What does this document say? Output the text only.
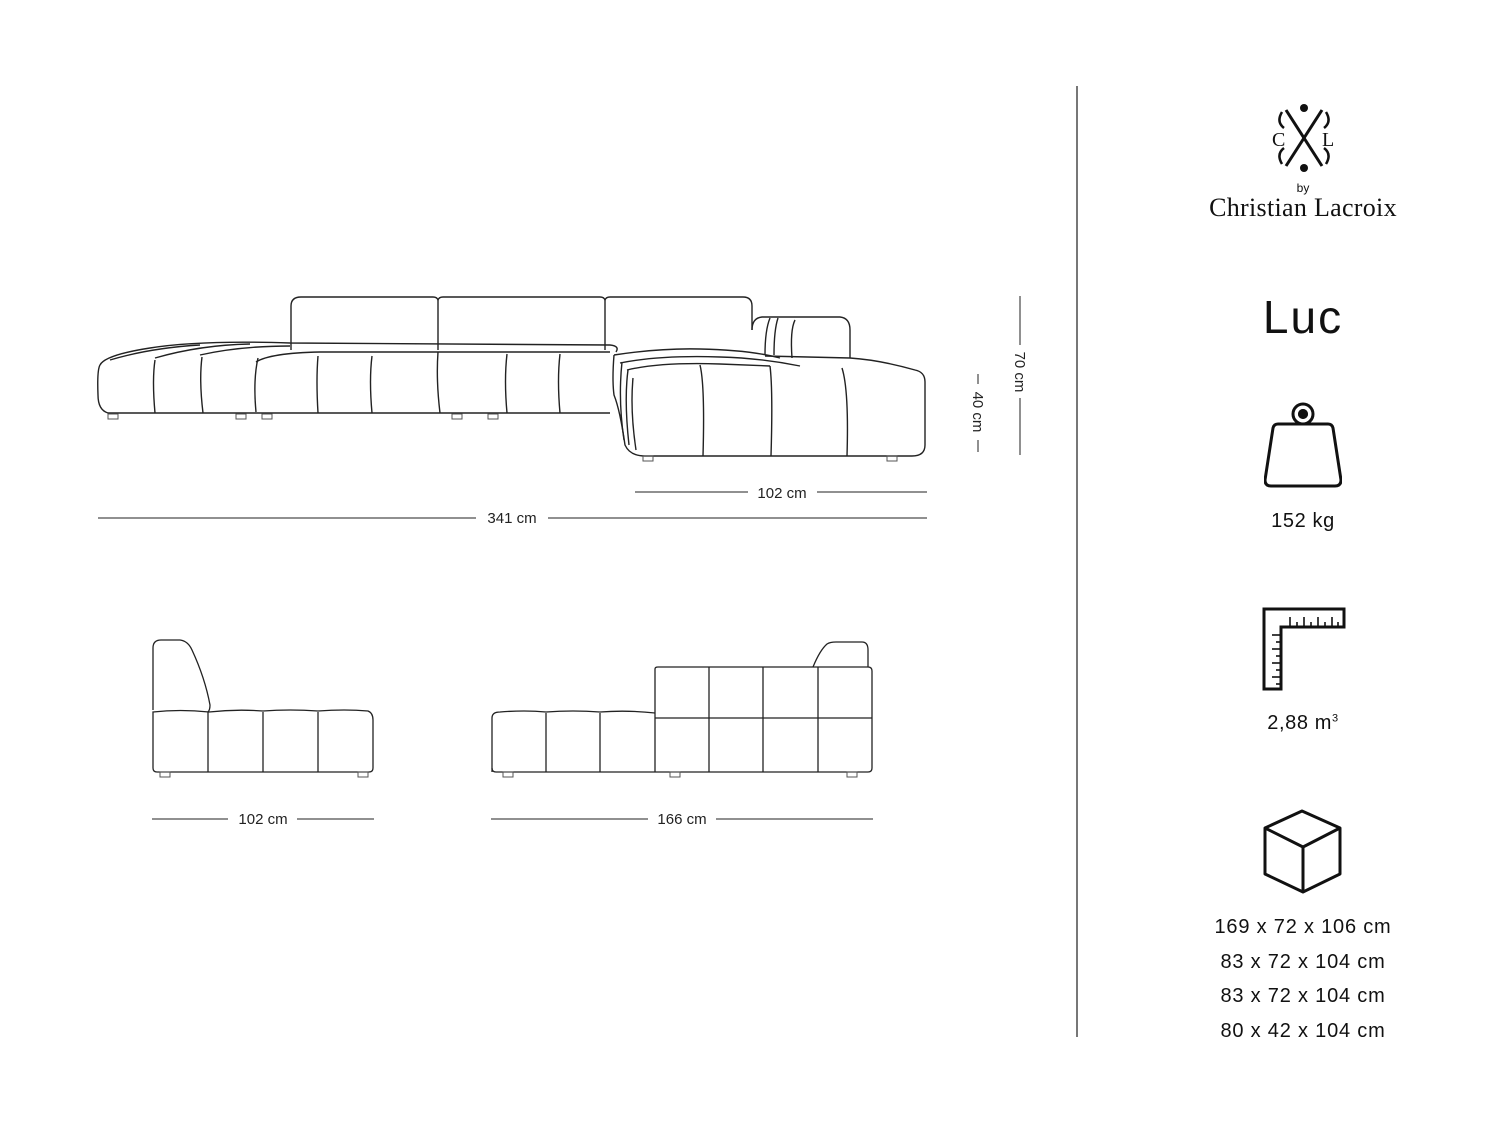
102 cm
341 cm
70 cm
40 cm
102 cm	166 cm
C L
by
Christian Lacroix
Luc
152 kg
2,88 $m^3$
169 x 72 x 106 cm
83 x 72 x 104 cm
83 x 72 x 104 cm
80 x 42 x 104 cm
